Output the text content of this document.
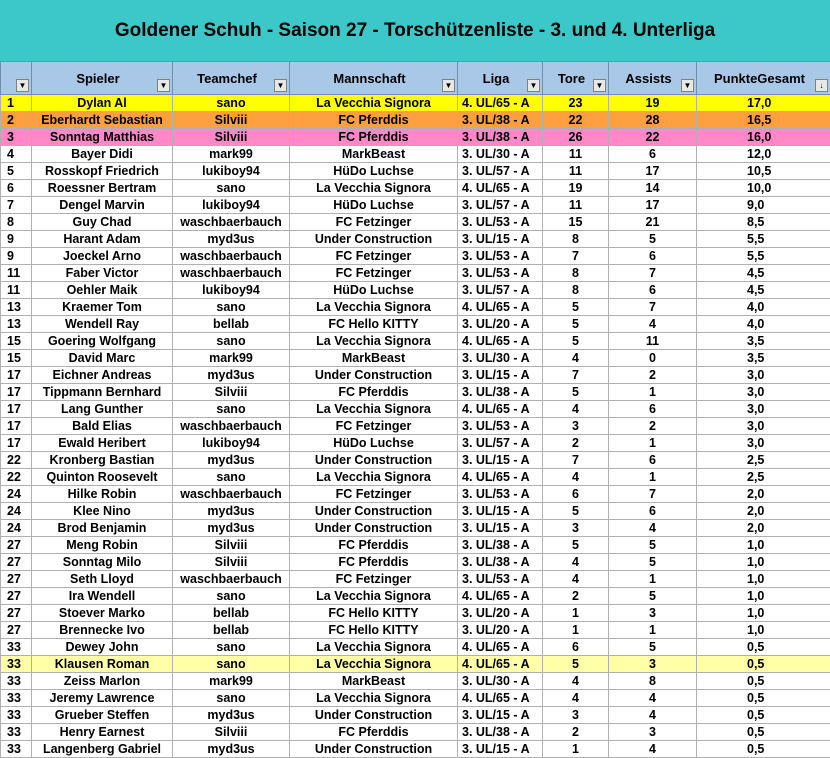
Goldener Schuh - Saison 27 - Torschützenliste - 3. und 4. Unterliga
▼	Spieler ▼	Teamchef ▼	Mannschaft ▼	Liga ▼	Tore ▼	Assists ▼	PunkteGesamt ↓

1	Dylan Al	sano	La Vecchia Signora	4. UL/65 - A	23	19	17,0
2	Eberhardt Sebastian	Silviii	FC Pferddis	3. UL/38 - A	22	28	16,5
3	Sonntag Matthias	Silviii	FC Pferddis	3. UL/38 - A	26	22	16,0
4	Bayer Didi	mark99	MarkBeast	3. UL/30 - A	11	6	12,0
5	Rosskopf Friedrich	lukiboy94	HüDo Luchse	3. UL/57 - A	11	17	10,5
6	Roessner Bertram	sano	La Vecchia Signora	4. UL/65 - A	19	14	10,0
7	Dengel Marvin	lukiboy94	HüDo Luchse	3. UL/57 - A	11	17	9,0
8	Guy Chad	waschbaerbauch	FC Fetzinger	3. UL/53 - A	15	21	8,5
9	Harant Adam	myd3us	Under Construction	3. UL/15 - A	8	5	5,5
9	Joeckel Arno	waschbaerbauch	FC Fetzinger	3. UL/53 - A	7	6	5,5
11	Faber Victor	waschbaerbauch	FC Fetzinger	3. UL/53 - A	8	7	4,5
11	Oehler Maik	lukiboy94	HüDo Luchse	3. UL/57 - A	8	6	4,5
13	Kraemer Tom	sano	La Vecchia Signora	4. UL/65 - A	5	7	4,0
13	Wendell Ray	bellab	FC Hello KITTY	3. UL/20 - A	5	4	4,0
15	Goering Wolfgang	sano	La Vecchia Signora	4. UL/65 - A	5	11	3,5
15	David Marc	mark99	MarkBeast	3. UL/30 - A	4	0	3,5
17	Eichner Andreas	myd3us	Under Construction	3. UL/15 - A	7	2	3,0
17	Tippmann Bernhard	Silviii	FC Pferddis	3. UL/38 - A	5	1	3,0
17	Lang Gunther	sano	La Vecchia Signora	4. UL/65 - A	4	6	3,0
17	Bald Elias	waschbaerbauch	FC Fetzinger	3. UL/53 - A	3	2	3,0
17	Ewald Heribert	lukiboy94	HüDo Luchse	3. UL/57 - A	2	1	3,0
22	Kronberg Bastian	myd3us	Under Construction	3. UL/15 - A	7	6	2,5
22	Quinton Roosevelt	sano	La Vecchia Signora	4. UL/65 - A	4	1	2,5
24	Hilke Robin	waschbaerbauch	FC Fetzinger	3. UL/53 - A	6	7	2,0
24	Klee Nino	myd3us	Under Construction	3. UL/15 - A	5	6	2,0
24	Brod Benjamin	myd3us	Under Construction	3. UL/15 - A	3	4	2,0
27	Meng Robin	Silviii	FC Pferddis	3. UL/38 - A	5	5	1,0
27	Sonntag Milo	Silviii	FC Pferddis	3. UL/38 - A	4	5	1,0
27	Seth Lloyd	waschbaerbauch	FC Fetzinger	3. UL/53 - A	4	1	1,0
27	Ira Wendell	sano	La Vecchia Signora	4. UL/65 - A	2	5	1,0
27	Stoever Marko	bellab	FC Hello KITTY	3. UL/20 - A	1	3	1,0
27	Brennecke Ivo	bellab	FC Hello KITTY	3. UL/20 - A	1	1	1,0
33	Dewey John	sano	La Vecchia Signora	4. UL/65 - A	6	5	0,5
33	Klausen Roman	sano	La Vecchia Signora	4. UL/65 - A	5	3	0,5
33	Zeiss Marlon	mark99	MarkBeast	3. UL/30 - A	4	8	0,5
33	Jeremy Lawrence	sano	La Vecchia Signora	4. UL/65 - A	4	4	0,5
33	Grueber Steffen	myd3us	Under Construction	3. UL/15 - A	3	4	0,5
33	Henry Earnest	Silviii	FC Pferddis	3. UL/38 - A	2	3	0,5
33	Langenberg Gabriel	myd3us	Under Construction	3. UL/15 - A	1	4	0,5
